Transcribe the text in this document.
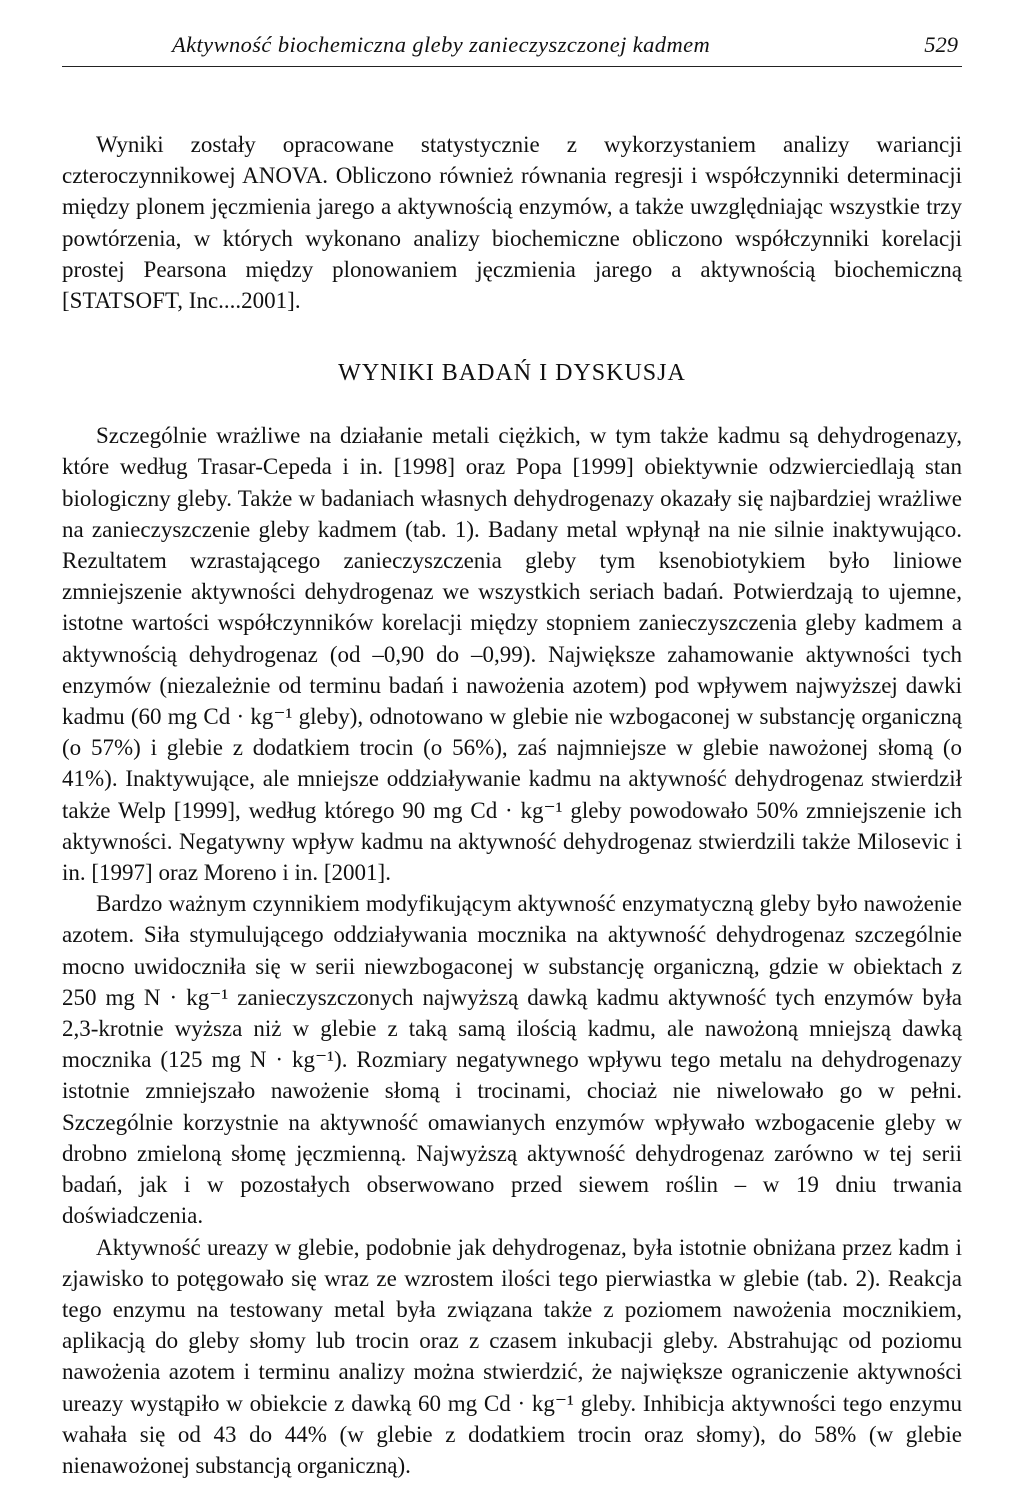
Aktywność biochemiczna gleby zanieczyszczonej kadmem	529

Wyniki zostały opracowane statystycznie z wykorzystaniem analizy wariancji czteroczynnikowej ANOVA. Obliczono również równania regresji i współczynniki determinacji między plonem jęczmienia jarego a aktywnością enzymów, a także uwzględniając wszystkie trzy powtórzenia, w których wykonano analizy biochemiczne obliczono współczynniki korelacji prostej Pearsona między plonowaniem jęczmienia jarego a aktywnością biochemiczną [STATSOFT, Inc....2001].

WYNIKI BADAŃ I DYSKUSJA

Szczególnie wrażliwe na działanie metali ciężkich, w tym także kadmu są dehydrogenazy, które według Trasar-Cepeda i in. [1998] oraz Popa [1999] obiektywnie odzwierciedlają stan biologiczny gleby. Także w badaniach własnych dehydrogenazy okazały się najbardziej wrażliwe na zanieczyszczenie gleby kadmem (tab. 1). Badany metal wpłynął na nie silnie inaktywująco. Rezultatem wzrastającego zanieczyszczenia gleby tym ksenobiotykiem było liniowe zmniejszenie aktywności dehydrogenaz we wszystkich seriach badań. Potwierdzają to ujemne, istotne wartości współczynników korelacji między stopniem zanieczyszczenia gleby kadmem a aktywnością dehydrogenaz (od –0,90 do –0,99). Największe zahamowanie aktywności tych enzymów (niezależnie od terminu badań i nawożenia azotem) pod wpływem najwyższej dawki kadmu (60 mg Cd · kg⁻¹ gleby), odnotowano w glebie nie wzbogaconej w substancję organiczną (o 57%) i glebie z dodatkiem trocin (o 56%), zaś najmniejsze w glebie nawożonej słomą (o 41%). Inaktywujące, ale mniejsze oddziaływanie kadmu na aktywność dehydrogenaz stwierdził także Welp [1999], według którego 90 mg Cd · kg⁻¹ gleby powodowało 50% zmniejszenie ich aktywności. Negatywny wpływ kadmu na aktywność dehydrogenaz stwierdzili także Milosevic i in. [1997] oraz Moreno i in. [2001].

Bardzo ważnym czynnikiem modyfikującym aktywność enzymatyczną gleby było nawożenie azotem. Siła stymulującego oddziaływania mocznika na aktywność dehydrogenaz szczególnie mocno uwidoczniła się w serii niewzbogaconej w substancję organiczną, gdzie w obiektach z 250 mg N · kg⁻¹ zanieczyszczonych najwyższą dawką kadmu aktywność tych enzymów była 2,3-krotnie wyższa niż w glebie z taką samą ilością kadmu, ale nawożoną mniejszą dawką mocznika (125 mg N · kg⁻¹). Rozmiary negatywnego wpływu tego metalu na dehydrogenazy istotnie zmniejszało nawożenie słomą i trocinami, chociaż nie niwelowało go w pełni. Szczególnie korzystnie na aktywność omawianych enzymów wpływało wzbogacenie gleby w drobno zmieloną słomę jęczmienną. Najwyższą aktywność dehydrogenaz zarówno w tej serii badań, jak i w pozostałych obserwowano przed siewem roślin – w 19 dniu trwania doświadczenia.

Aktywność ureazy w glebie, podobnie jak dehydrogenaz, była istotnie obniżana przez kadm i zjawisko to potęgowało się wraz ze wzrostem ilości tego pierwiastka w glebie (tab. 2). Reakcja tego enzymu na testowany metal była związana także z poziomem nawożenia mocznikiem, aplikacją do gleby słomy lub trocin oraz z czasem inkubacji gleby. Abstrahując od poziomu nawożenia azotem i terminu analizy można stwierdzić, że największe ograniczenie aktywności ureazy wystąpiło w obiekcie z dawką 60 mg Cd · kg⁻¹ gleby. Inhibicja aktywności tego enzymu wahała się od 43 do 44% (w glebie z dodatkiem trocin oraz słomy), do 58% (w glebie nienawożonej substancją organiczną).
